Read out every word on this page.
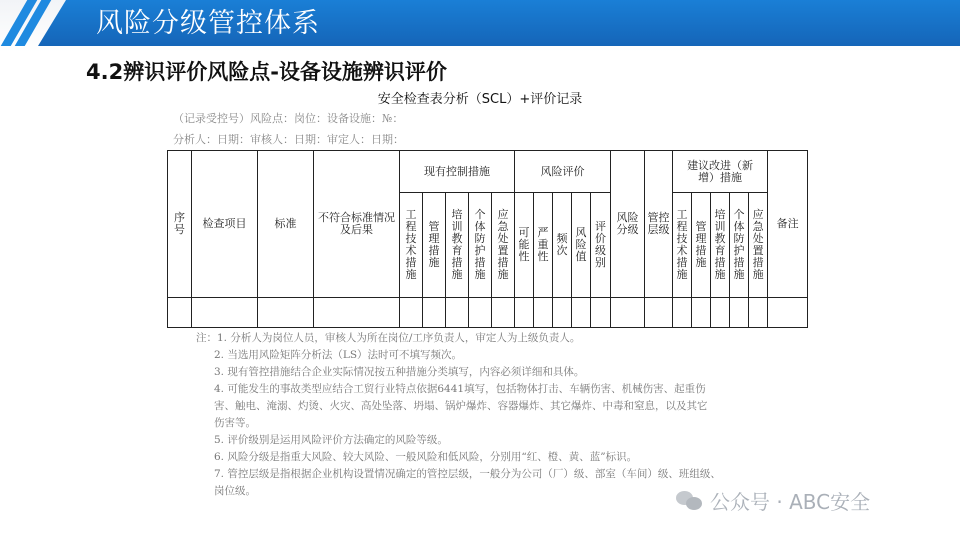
风险分级管控体系
4.2辨识评价风险点-设备设施辨识评价
安全检查表分析（SCL）+评价记录
（记录受控号）风险点：岗位：设备设施：№：
分析人：日期：审核人：日期：审定人：日期：
序号	检查项目	标准	不符合标准情况及后果	现有控制措施					风险评价					风险分级	管控层级	建议改进（新增）措施					备注
				工程技术措施	管理措施	培训教育措施	个体防护措施	应急处置措施	可能性	严重性	频次	风险值	评价级别			工程技术措施	管理措施	培训教育措施	个体防护措施	应急处置措施	

注：1. 分析人为岗位人员，审核人为所在岗位/工序负责人，审定人为上级负责人。
2. 当选用风险矩阵分析法（LS）法时可不填写频次。
3. 现有管控措施结合企业实际情况按五种措施分类填写，内容必须详细和具体。
4. 可能发生的事故类型应结合工贸行业特点依据6441填写，包括物体打击、车辆伤害、机械伤害、起重伤
害、触电、淹溺、灼烫、火灾、高处坠落、坍塌、锅炉爆炸、容器爆炸、其它爆炸、中毒和窒息，以及其它
伤害等。
5. 评价级别是运用风险评价方法确定的风险等级。
6. 风险分级是指重大风险、较大风险、一般风险和低风险，分别用“红、橙、黄、蓝”标识。
7. 管控层级是指根据企业机构设置情况确定的管控层级，一般分为公司（厂）级、部室（车间）级、班组级、
岗位级。	公众号 · ABC安全
